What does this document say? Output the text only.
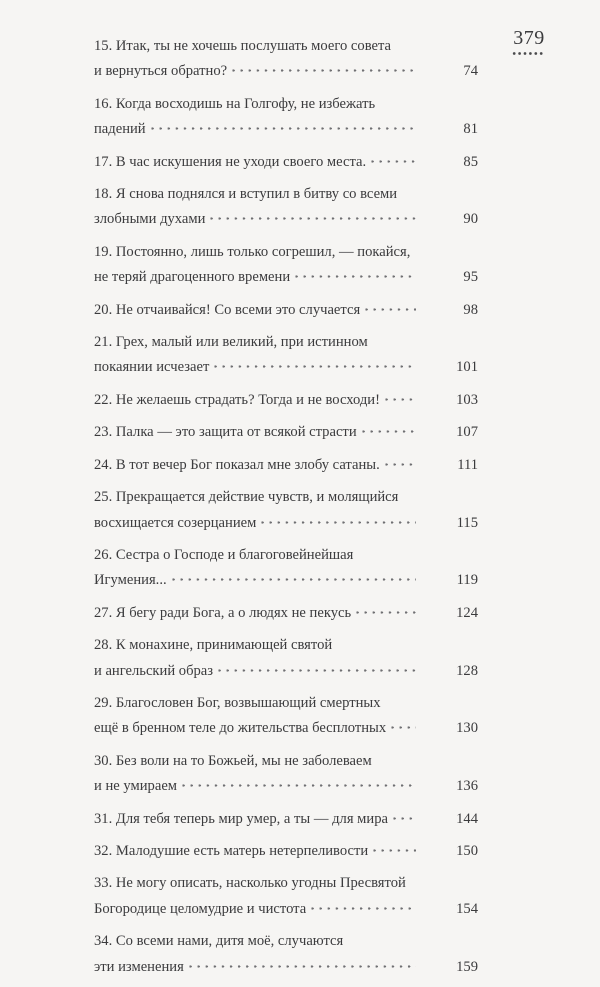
379
15. Итак, ты не хочешь послушать моего совета
и вернуться обратно?	74
16. Когда восходишь на Голгофу, не избежать
падений	81
17. В час искушения не уходи своего места.	85
18. Я снова поднялся и вступил в битву со всеми
злобными духами	90
19. Постоянно, лишь только согрешил, — покайся,
не теряй драгоценного времени	95
20. Не отчаивайся! Со всеми это случается	98
21. Грех, малый или великий, при истинном
покаянии исчезает	101
22. Не желаешь страдать? Тогда и не восходи!	103
23. Палка — это защита от всякой страсти	107
24. В тот вечер Бог показал мне злобу сатаны.	111
25. Прекращается действие чувств, и молящийся
восхищается созерцанием	115
26. Сестра о Господе и благоговейнейшая
Игумения...	119
27. Я бегу ради Бога, а о людях не пекусь	124
28. К монахине, принимающей святой
и ангельский образ	128
29. Благословен Бог, возвышающий смертных
ещё в бренном теле до жительства бесплотных	130
30. Без воли на то Божьей, мы не заболеваем
и не умираем	136
31. Для тебя теперь мир умер, а ты — для мира	144
32. Малодушие есть матерь нетерпеливости	150
33. Не могу описать, насколько угодны Пресвятой
Богородице целомудрие и чистота	154
34. Со всеми нами, дитя моё, случаются
эти изменения	159
